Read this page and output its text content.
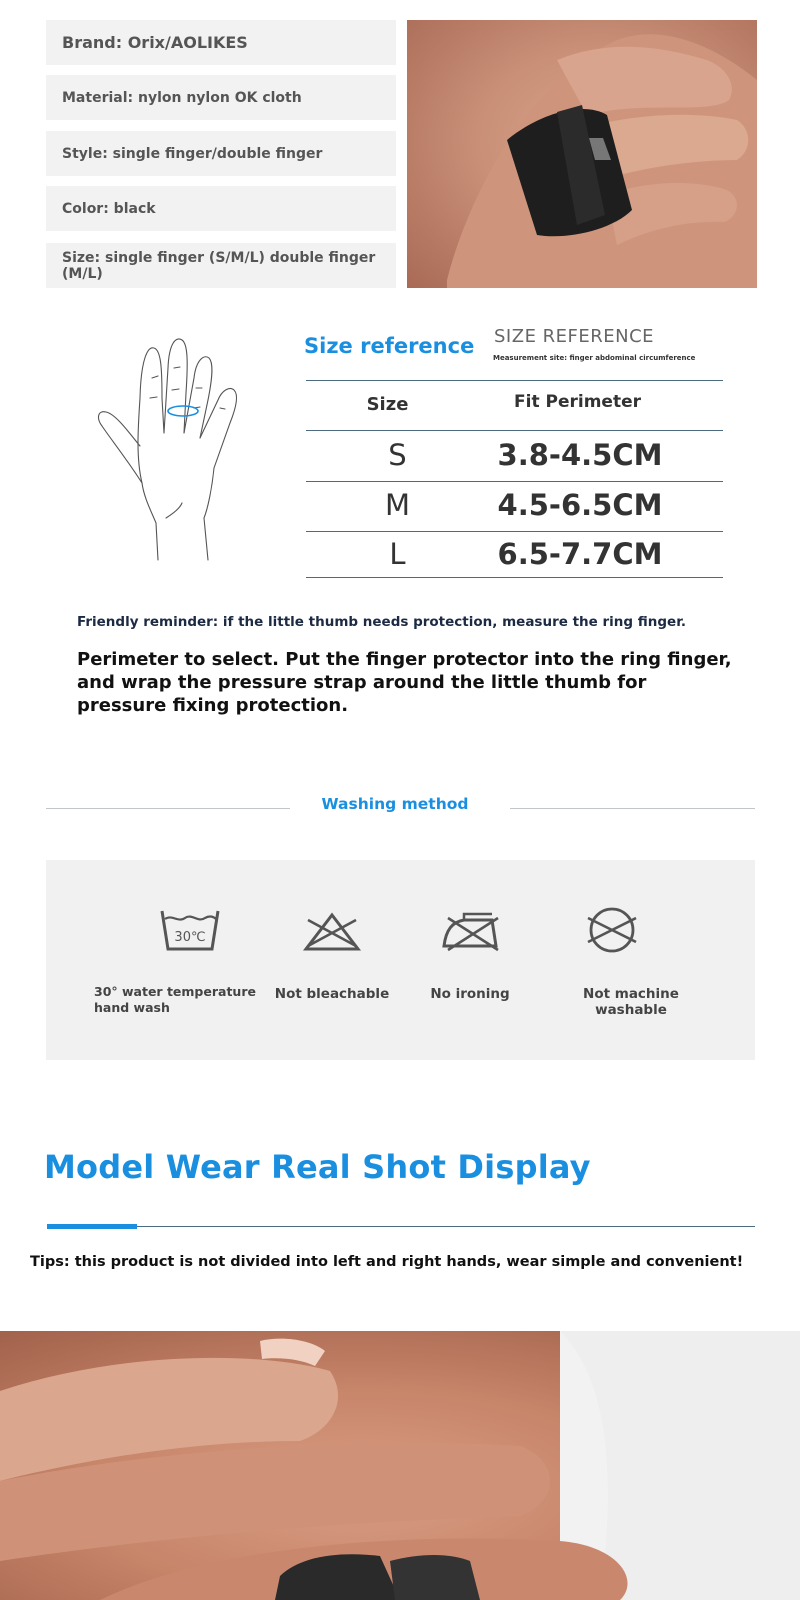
Brand: Orix/AOLIKES
Material: nylon nylon OK cloth
Style: single finger/double finger
Color: black
Size: single finger (S/M/L) double finger (M/L)
Size reference SIZE REFERENCE
Measurement site: finger abdominal circumference
Size	Fit Perimeter
S	3.8-4.5CM
M	4.5-6.5CM
L	6.5-7.7CM
Friendly reminder: if the little thumb needs protection, measure the ring finger.
Perimeter to select. Put the finger protector into the ring finger, and wrap the pressure strap around the little thumb for pressure fixing protection.
Washing method
30℃
30° water temperature hand wash
Not bleachable	No ironing	Not machine washable
Model Wear Real Shot Display
Tips: this product is not divided into left and right hands, wear simple and convenient!
